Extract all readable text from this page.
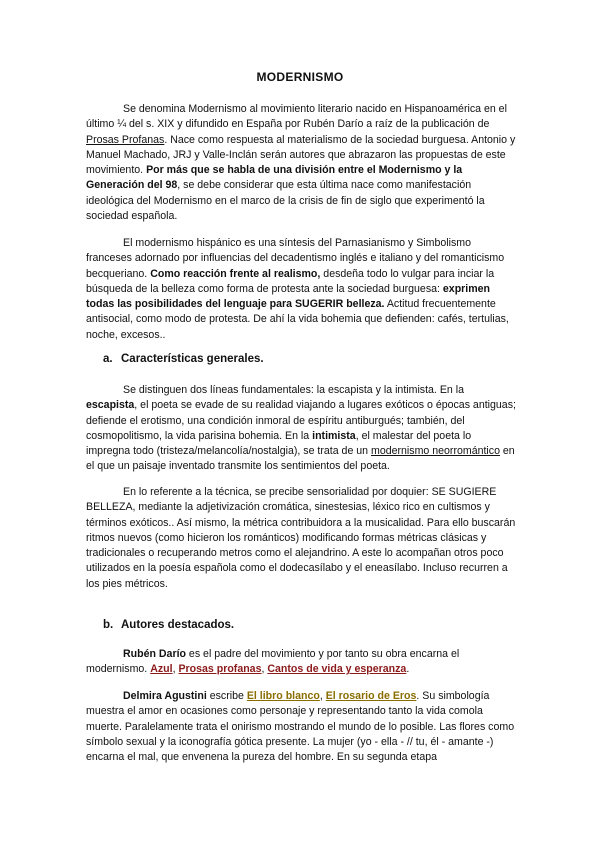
MODERNISMO

Se denomina Modernismo al movimiento literario nacido en Hispanoamérica en el último ¼ del s. XIX y difundido en España por Rubén Darío a raíz de la publicación de Prosas Profanas. Nace como respuesta al materialismo de la sociedad burguesa. Antonio y Manuel Machado, JRJ y Valle-Inclán serán autores que abrazaron las propuestas de este movimiento. Por más que se habla de una división entre el Modernismo y la Generación del 98, se debe considerar que esta última nace como manifestación ideológica del Modernismo en el marco de la crisis de fin de siglo que experimentó la sociedad española.

El modernismo hispánico es una síntesis del Parnasianismo y Simbolismo franceses adornado por influencias del decadentismo inglés e italiano y del romanticismo becqueriano. Como reacción frente al realismo, desdeña todo lo vulgar para inciar la búsqueda de la belleza como forma de protesta ante la sociedad burguesa: exprimen todas las posibilidades del lenguaje para SUGERIR belleza. Actitud frecuentemente antisocial, como modo de protesta. De ahí la vida bohemia que defienden: cafés, tertulias, noche, excesos..

a. Características generales.

Se distinguen dos líneas fundamentales: la escapista y la intimista. En la escapista, el poeta se evade de su realidad viajando a lugares exóticos o épocas antiguas; defiende el erotismo, una condición inmoral de espíritu antiburgués; también, del cosmopolitismo, la vida parisina bohemia. En la intimista, el malestar del poeta lo impregna todo (tristeza/melancolía/nostalgia), se trata de un modernismo neorromántico en el que un paisaje inventado transmite los sentimientos del poeta.

En lo referente a la técnica, se precibe sensorialidad por doquier: SE SUGIERE BELLEZA, mediante la adjetivización cromática, sinestesias, léxico rico en cultismos y términos exóticos.. Así mismo, la métrica contribuidora a la musicalidad. Para ello buscarán ritmos nuevos (como hicieron los románticos) modificando formas métricas clásicas y tradicionales o recuperando metros como el alejandrino. A este lo acompañan otros poco utilizados en la poesía española como el dodecasílabo y el eneasílabo. Incluso recurren a los pies métricos.

b. Autores destacados.

Rubén Darío es el padre del movimiento y por tanto su obra encarna el modernismo. Azul, Prosas profanas, Cantos de vida y esperanza.

Delmira Agustini escribe El libro blanco, El rosario de Eros. Su simbología muestra el amor en ocasiones como personaje y representando tanto la vida comola muerte. Paralelamente trata el onirismo mostrando el mundo de lo posible. Las flores como símbolo sexual y la iconografía gótica presente. La mujer (yo - ella - // tu, él - amante -) encarna el mal, que envenena la pureza del hombre. En su segunda etapa
